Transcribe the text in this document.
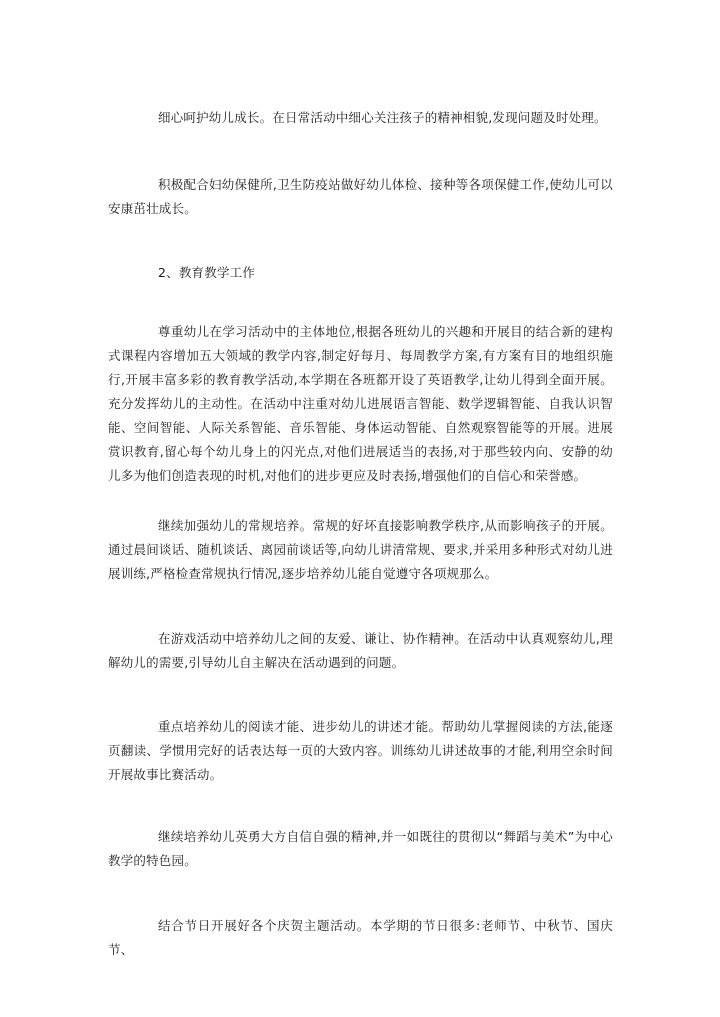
细心呵护幼儿成长。在日常活动中细心关注孩子的精神相貌,发现问题及时处理。

积极配合妇幼保健所,卫生防疫站做好幼儿体检、接种等各项保健工作,使幼儿可以安康茁壮成长。

2、教育教学工作

尊重幼儿在学习活动中的主体地位,根据各班幼儿的兴趣和开展目的结合新的建构式课程内容增加五大领域的教学内容,制定好每月、每周教学方案,有方案有目的地组织施行,开展丰富多彩的教育教学活动,本学期在各班都开设了英语教学,让幼儿得到全面开展。充分发挥幼儿的主动性。在活动中注重对幼儿进展语言智能、数学逻辑智能、自我认识智能、空间智能、人际关系智能、音乐智能、身体运动智能、自然观察智能等的开展。进展赏识教育,留心每个幼儿身上的闪光点,对他们进展适当的表扬,对于那些较内向、安静的幼儿多为他们创造表现的时机,对他们的进步更应及时表扬,增强他们的自信心和荣誉感。

继续加强幼儿的常规培养。常规的好坏直接影响教学秩序,从而影响孩子的开展。通过晨间谈话、随机谈话、离园前谈话等,向幼儿讲清常规、要求,并采用多种形式对幼儿进展训练,严格检查常规执行情况,逐步培养幼儿能自觉遵守各项规那么。

在游戏活动中培养幼儿之间的友爱、谦让、协作精神。在活动中认真观察幼儿,理解幼儿的需要,引导幼儿自主解决在活动遇到的问题。

重点培养幼儿的阅读才能、进步幼儿的讲述才能。帮助幼儿掌握阅读的方法,能逐页翻读、学惯用完好的话表达每一页的大致内容。训练幼儿讲述故事的才能,利用空余时间开展故事比赛活动。

继续培养幼儿英勇大方自信自强的精神,并一如既往的贯彻以“舞蹈与美术”为中心教学的特色园。

结合节日开展好各个庆贺主题活动。本学期的节日很多:老师节、中秋节、国庆节、
